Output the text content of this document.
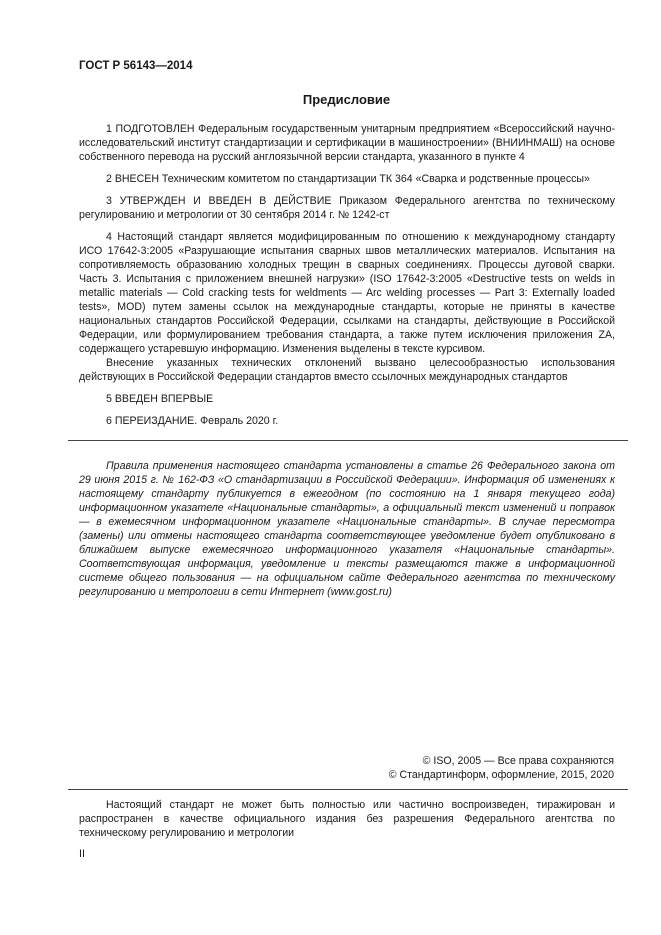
ГОСТ Р 56143—2014
Предисловие

1 ПОДГОТОВЛЕН Федеральным государственным унитарным предприятием «Всероссийский научно-исследовательский институт стандартизации и сертификации в машиностроении» (ВНИИНМАШ) на основе собственного перевода на русский англоязычной версии стандарта, указанного в пункте 4

2 ВНЕСЕН Техническим комитетом по стандартизации ТК 364 «Сварка и родственные процессы»

3 УТВЕРЖДЕН И ВВЕДЕН В ДЕЙСТВИЕ Приказом Федерального агентства по техническому регулированию и метрологии от 30 сентября 2014 г. № 1242-ст

4 Настоящий стандарт является модифицированным по отношению к международному стандарту ИСО 17642-3:2005 «Разрушающие испытания сварных швов металлических материалов. Испытания на сопротивляемость образованию холодных трещин в сварных соединениях. Процессы дуговой сварки. Часть 3. Испытания с приложением внешней нагрузки» (ISO 17642-3:2005 «Destructive tests on welds in metallic materials — Cold cracking tests for weldments — Arc welding processes — Part 3: Externally loaded tests», MOD) путем замены ссылок на международные стандарты, которые не приняты в качестве национальных стандартов Российской Федерации, ссылками на стандарты, действующие в Российской Федерации, или формулированием требования стандарта, а также путем исключения приложения ZA, содержащего устаревшую информацию. Изменения выделены в тексте курсивом.

Внесение указанных технических отклонений вызвано целесообразностью использования действующих в Российской Федерации стандартов вместо ссылочных международных стандартов

5 ВВЕДЕН ВПЕРВЫЕ

6 ПЕРЕИЗДАНИЕ. Февраль 2020 г.

Правила применения настоящего стандарта установлены в статье 26 Федерального закона от 29 июня 2015 г. № 162-ФЗ «О стандартизации в Российской Федерации». Информация об изменениях к настоящему стандарту публикуется в ежегодном (по состоянию на 1 января текущего года) информационном указателе «Национальные стандарты», а официальный текст изменений и поправок — в ежемесячном информационном указателе «Национальные стандарты». В случае пересмотра (замены) или отмены настоящего стандарта соответствующее уведомление будет опубликовано в ближайшем выпуске ежемесячного информационного указателя «Национальные стандарты». Соответствующая информация, уведомление и тексты размещаются также в информационной системе общего пользования — на официальном сайте Федерального агентства по техническому регулированию и метрологии в сети Интернет (www.gost.ru)

© ISO, 2005 — Все права сохраняются
© Стандартинформ, оформление, 2015, 2020

Настоящий стандарт не может быть полностью или частично воспроизведен, тиражирован и распространен в качестве официального издания без разрешения Федерального агентства по техническому регулированию и метрологии

II
